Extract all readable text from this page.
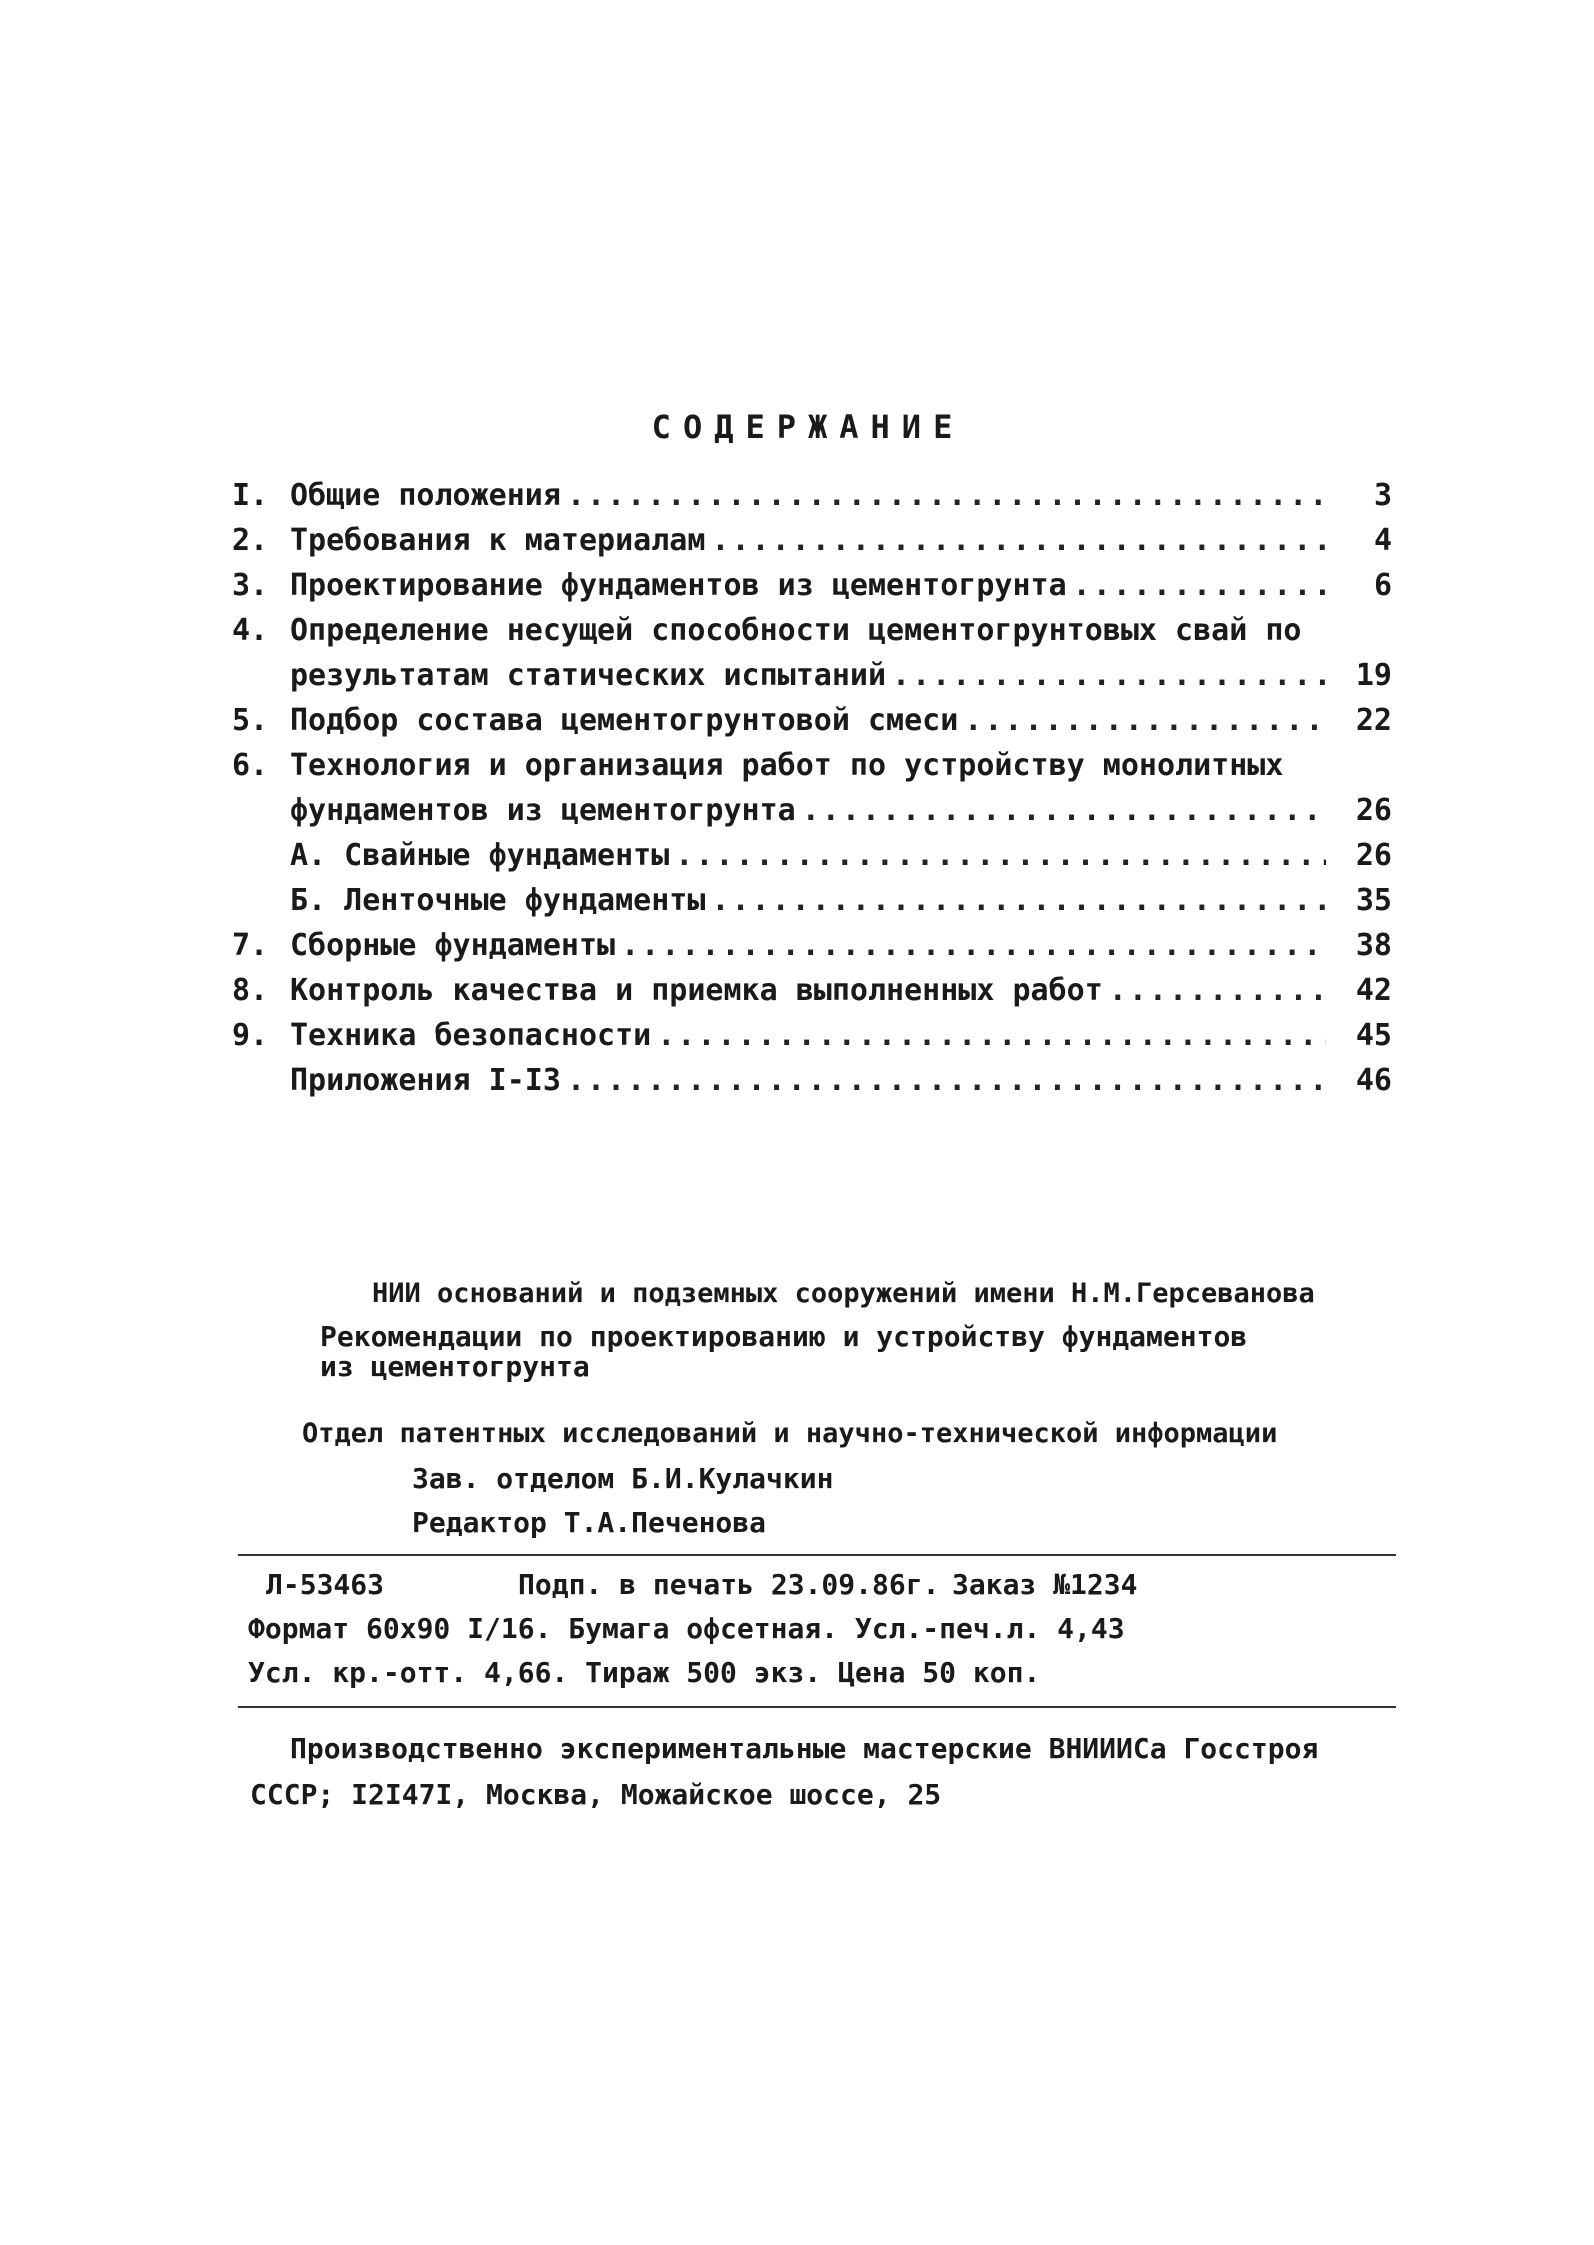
СОДЕРЖАНИЕ
I. Общие положения .....	3
2. Требования к материалам .....	4
3. Проектирование фундаментов из цементогрунта .....	6
4. Определение несущей способности цементогрунтовых свай по

результатам статических испытаний .....	19
5. Подбор состава цементогрунтовой смеси .....	22
6. Технология и организация работ по устройству монолитных

фундаментов из цементогрунта .....	26

А. Свайные фундаменты .....	26

Б. Ленточные фундаменты .....	35
7. Сборные фундаменты .....	38
8. Контроль качества и приемка выполненных работ .....	42
9. Техника безопасности .....	45

Приложения I-I3 .....	46
НИИ оснований и подземных сооружений имени Н.М.Герсеванова
Рекомендации по проектированию и устройству фундаментов
из цементогрунта
Отдел патентных исследований и научно-технической информации
Зав. отделом Б.И.Кулачкин
Редактор Т.А.Печенова
Л-53463	Подп. в печать 23.09.86г. Заказ №1234
Формат 60х90 I/16. Бумага офсетная. Усл.-печ.л. 4,43
Усл. кр.-отт. 4,66. Тираж 500 экз. Цена 50 коп.
Производственно экспериментальные мастерские ВНИИИСа Госстроя
СССР; I2I47I, Москва, Можайское шоссе, 25
